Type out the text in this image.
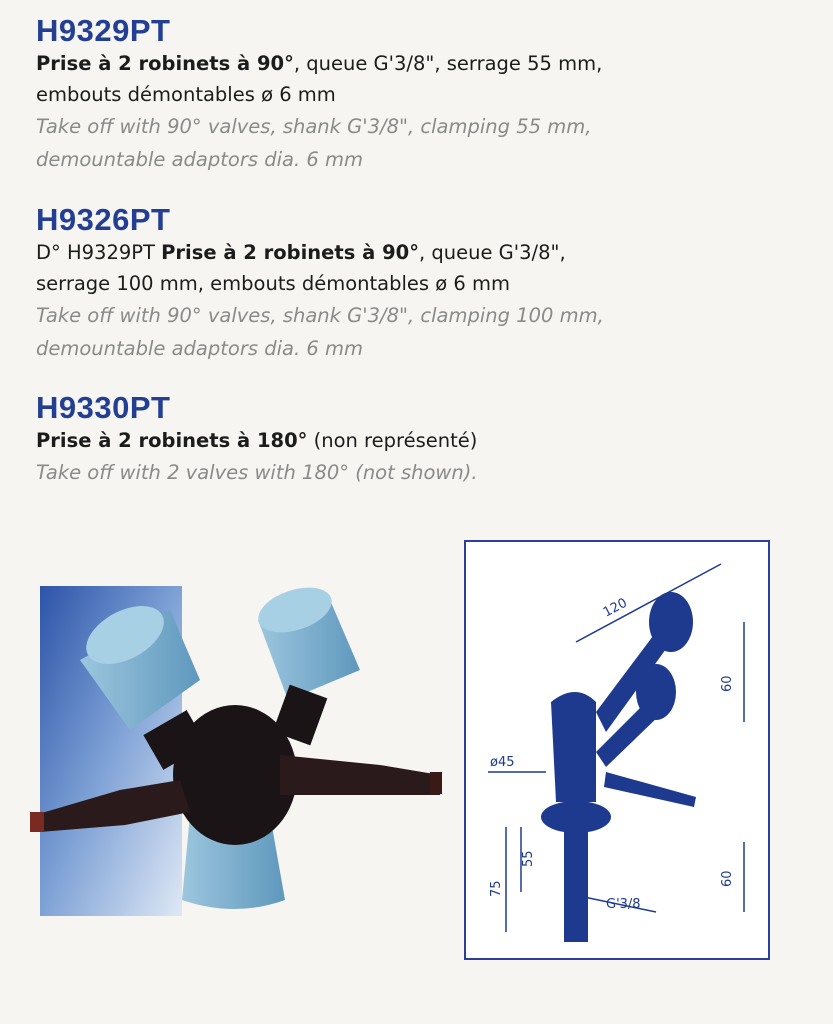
H9329PT
Prise à 2 robinets à 90°, queue G'3/8", serrage 55 mm,
embouts démontables ø 6 mm
Take off with 90° valves, shank G'3/8", clamping 55 mm,
demountable adaptors dia. 6 mm
H9326PT
D° H9329PT Prise à 2 robinets à 90°, queue G'3/8",
serrage 100 mm, embouts démontables ø 6 mm
Take off with 90° valves, shank G'3/8", clamping 100 mm,
demountable adaptors dia. 6 mm
H9330PT
Prise à 2 robinets à 180° (non représenté)
Take off with 2 valves with 180° (not shown).
120
60
60
ø45
55
75
G'3/8
